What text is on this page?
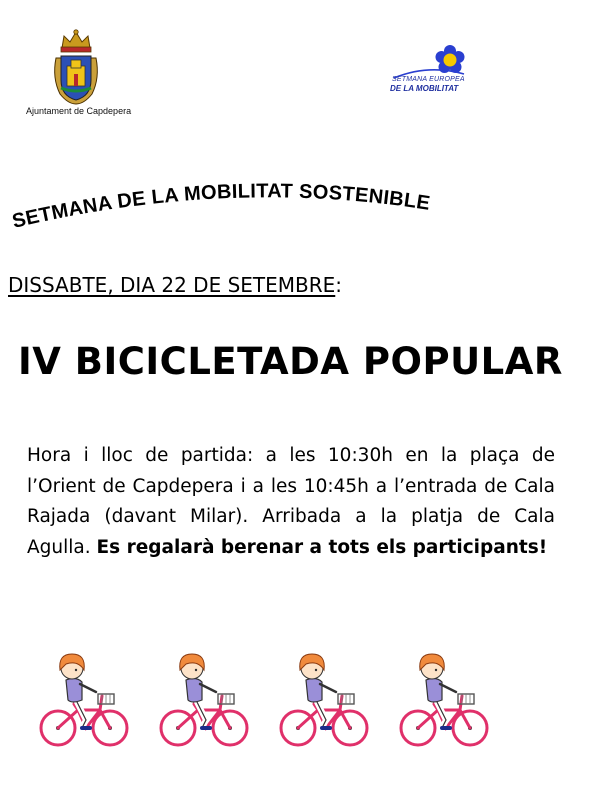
Ajuntament de Capdepera
SETMANA EUROPEA
DE LA MOBILITAT
SETMANA DE LA MOBILITAT SOSTENIBLE
DISSABTE, DIA 22 DE SETEMBRE:
IV BICICLETADA POPULAR
Hora i lloc de partida: a les 10:30h en la plaça de l’Orient de Capdepera i a les 10:45h a l’entrada de Cala Rajada (davant Milar). Arribada a la platja de Cala Agulla. Es regalarà berenar a tots els participants!
